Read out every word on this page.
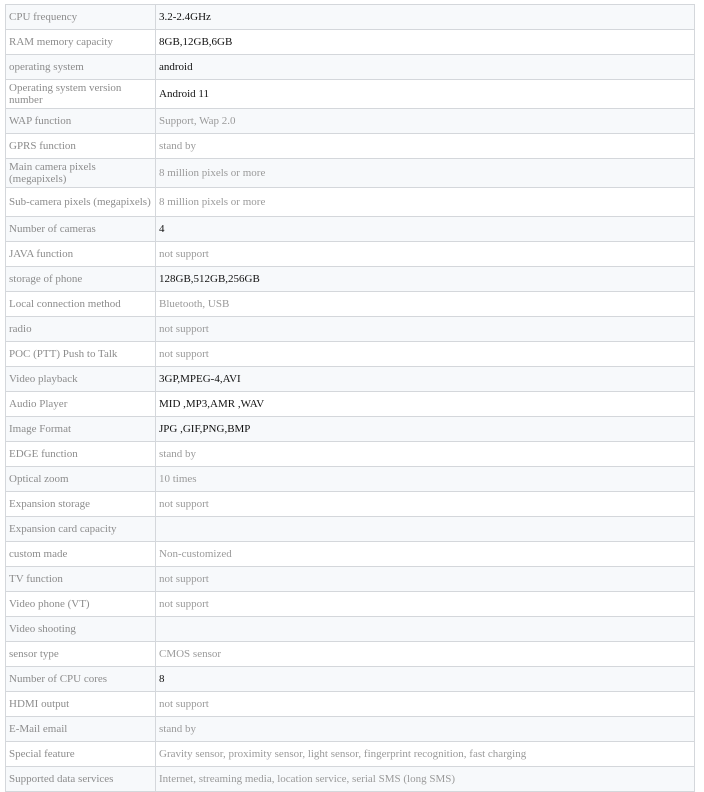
CPU frequency	3.2-2.4GHz
RAM memory capacity	8GB,12GB,6GB
operating system	android
Operating system version number	Android 11
WAP function	Support, Wap 2.0
GPRS function	stand by
Main camera pixels (megapixels)	8 million pixels or more
Sub-camera pixels (megapixels)	8 million pixels or more
Number of cameras	4
JAVA function	not support
storage of phone	128GB,512GB,256GB
Local connection method	Bluetooth, USB
radio	not support
POC (PTT) Push to Talk	not support
Video playback	3GP,MPEG-4,AVI
Audio Player	MID ,MP3,AMR ,WAV
Image Format	JPG ,GIF,PNG,BMP
EDGE function	stand by
Optical zoom	10 times
Expansion storage	not support
Expansion card capacity	
custom made	Non-customized
TV function	not support
Video phone (VT)	not support
Video shooting	
sensor type	CMOS sensor
Number of CPU cores	8
HDMI output	not support
E-Mail email	stand by
Special feature	Gravity sensor, proximity sensor, light sensor, fingerprint recognition, fast charging
Supported data services	Internet, streaming media, location service, serial SMS (long SMS)
